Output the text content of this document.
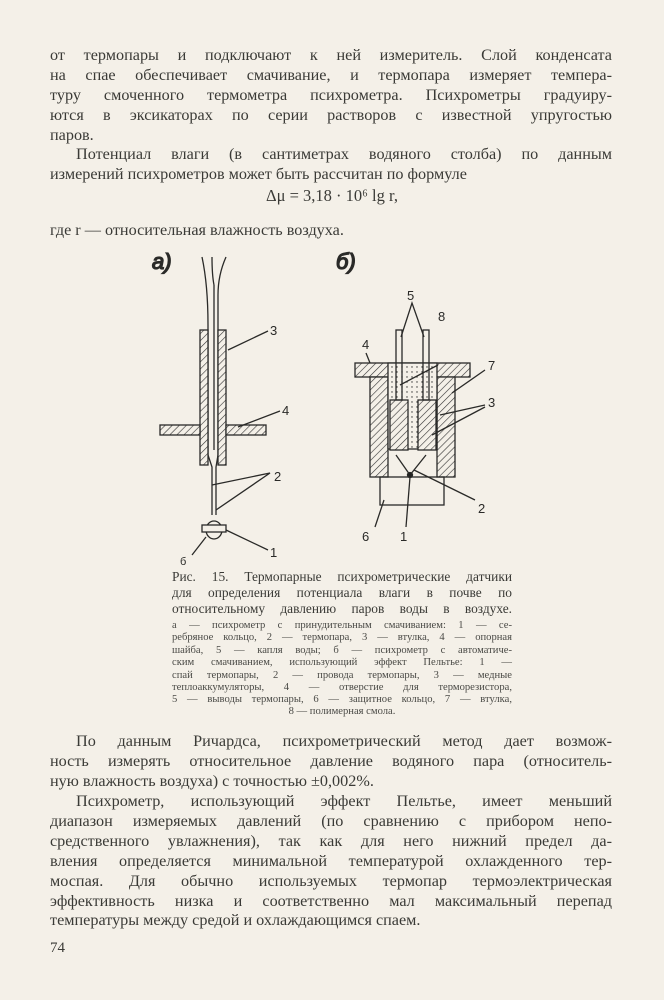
от термопары и подключают к ней измеритель. Слой конденсата
на спае обеспечивает смачивание, и термопара измеряет темпера-
туру смоченного термометра психрометра. Психрометры градуиру-
ются в эксикаторах по серии растворов с известной упругостью
паров.
Потенциал влаги (в сантиметрах водяного столба) по данным
измерений психрометров может быть рассчитан по формуле
Δμ = 3,18 · 10⁶ lg r,
где r — относительная влажность воздуха.
а)
3
4
2
1
б
б)
5
4
8
7
3
2
6 1
Рис. 15. Термопарные психрометрические датчики
для определения потенциала влаги в почве по
относительному давлению паров воды в воздухе.
а — психрометр с принудительным смачиванием: 1 — се-
ребряное кольцо, 2 — термопара, 3 — втулка, 4 — опорная
шайба, 5 — капля воды; б — психрометр с автоматиче-
ским смачиванием, использующий эффект Пельтье: 1 —
спай термопары, 2 — провода термопары, 3 — медные
теплоаккумуляторы, 4 — отверстие для терморезистора,
5 — выводы термопары, 6 — защитное кольцо, 7 — втулка,
8 — полимерная смола.
По данным Ричардса, психрометрический метод дает возмож-
ность измерять относительное давление водяного пара (относитель-
ную влажность воздуха) с точностью ±0,002%.
Психрометр, использующий эффект Пельтье, имеет меньший
диапазон измеряемых давлений (по сравнению с прибором непо-
средственного увлажнения), так как для него нижний предел да-
вления определяется минимальной температурой охлажденного тер-
моспая. Для обычно используемых термопар термоэлектрическая
эффективность низка и соответственно мал максимальный перепад
температуры между средой и охлаждающимся спаем.
74
